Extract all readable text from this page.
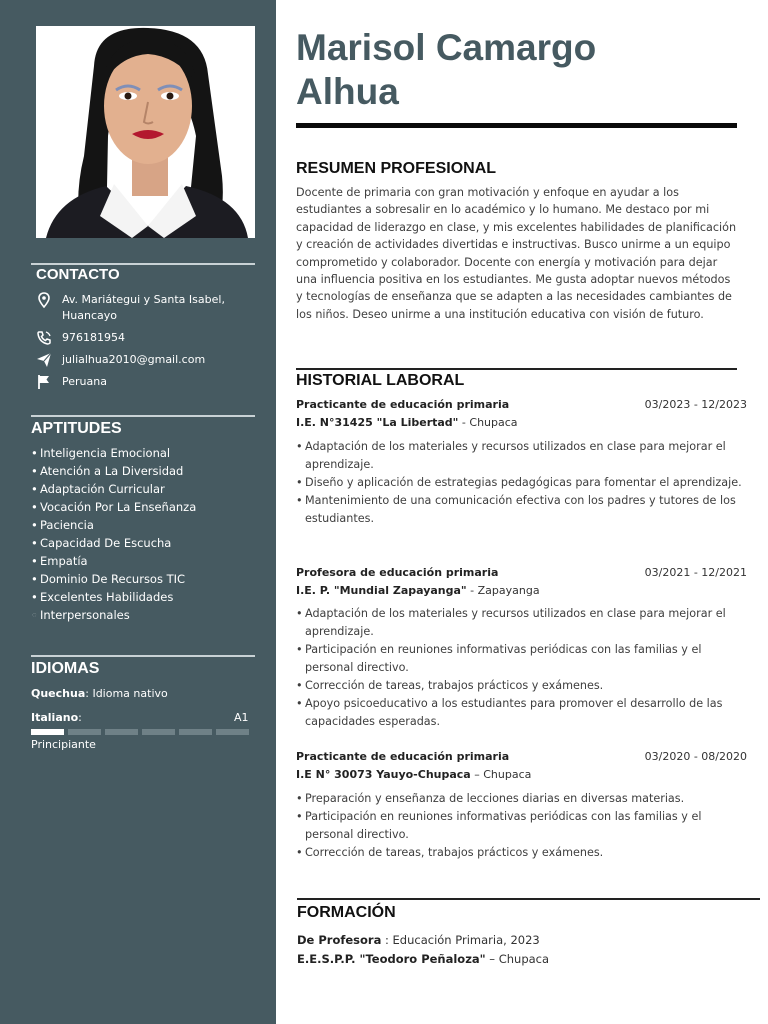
CONTACTO
Av. Mariátegui y Santa Isabel,
Huancayo
976181954
julialhua2010@gmail.com
Peruana
APTITUDES
• Inteligencia Emocional
• Atención a La Diversidad
• Adaptación Curricular
• Vocación Por La Enseñanza
• Paciencia
• Capacidad De Escucha
• Empatía
• Dominio De Recursos TIC
• Excelentes Habilidades
• • Interpersonales
IDIOMAS
Quechua: Idioma nativo
Italiano:	A1
Principiante
Marisol Camargo
Alhua
RESUMEN PROFESIONAL
Docente de primaria con gran motivación y enfoque en ayudar a los estudiantes a sobresalir en lo académico y lo humano. Me destaco por mi capacidad de liderazgo en clase, y mis excelentes habilidades de planificación y creación de actividades divertidas e instructivas. Busco unirme a un equipo comprometido y colaborador. Docente con energía y motivación para dejar una influencia positiva en los estudiantes. Me gusta adoptar nuevos métodos y tecnologías de enseñanza que se adapten a las necesidades cambiantes de los niños. Deseo unirme a una institución educativa con visión de futuro.
HISTORIAL LABORAL
Practicante de educación primaria	03/2023 - 12/2023
I.E. N°31425 "La Libertad" - Chupaca
• Adaptación de los materiales y recursos utilizados en clase para mejorar el aprendizaje.
• Diseño y aplicación de estrategias pedagógicas para fomentar el aprendizaje.
• Mantenimiento de una comunicación efectiva con los padres y tutores de los estudiantes.
Profesora de educación primaria	03/2021 - 12/2021
I.E. P. "Mundial Zapayanga" - Zapayanga
• Adaptación de los materiales y recursos utilizados en clase para mejorar el aprendizaje.
• Participación en reuniones informativas periódicas con las familias y el personal directivo.
• Corrección de tareas, trabajos prácticos y exámenes.
• Apoyo psicoeducativo a los estudiantes para promover el desarrollo de las capacidades esperadas.
Practicante de educación primaria	03/2020 - 08/2020
I.E N° 30073 Yauyo-Chupaca – Chupaca
• Preparación y enseñanza de lecciones diarias en diversas materias.
• Participación en reuniones informativas periódicas con las familias y el personal directivo.
• Corrección de tareas, trabajos prácticos y exámenes.
FORMACIÓN
De Profesora : Educación Primaria, 2023
E.E.S.P.P. "Teodoro Peñaloza" – Chupaca
